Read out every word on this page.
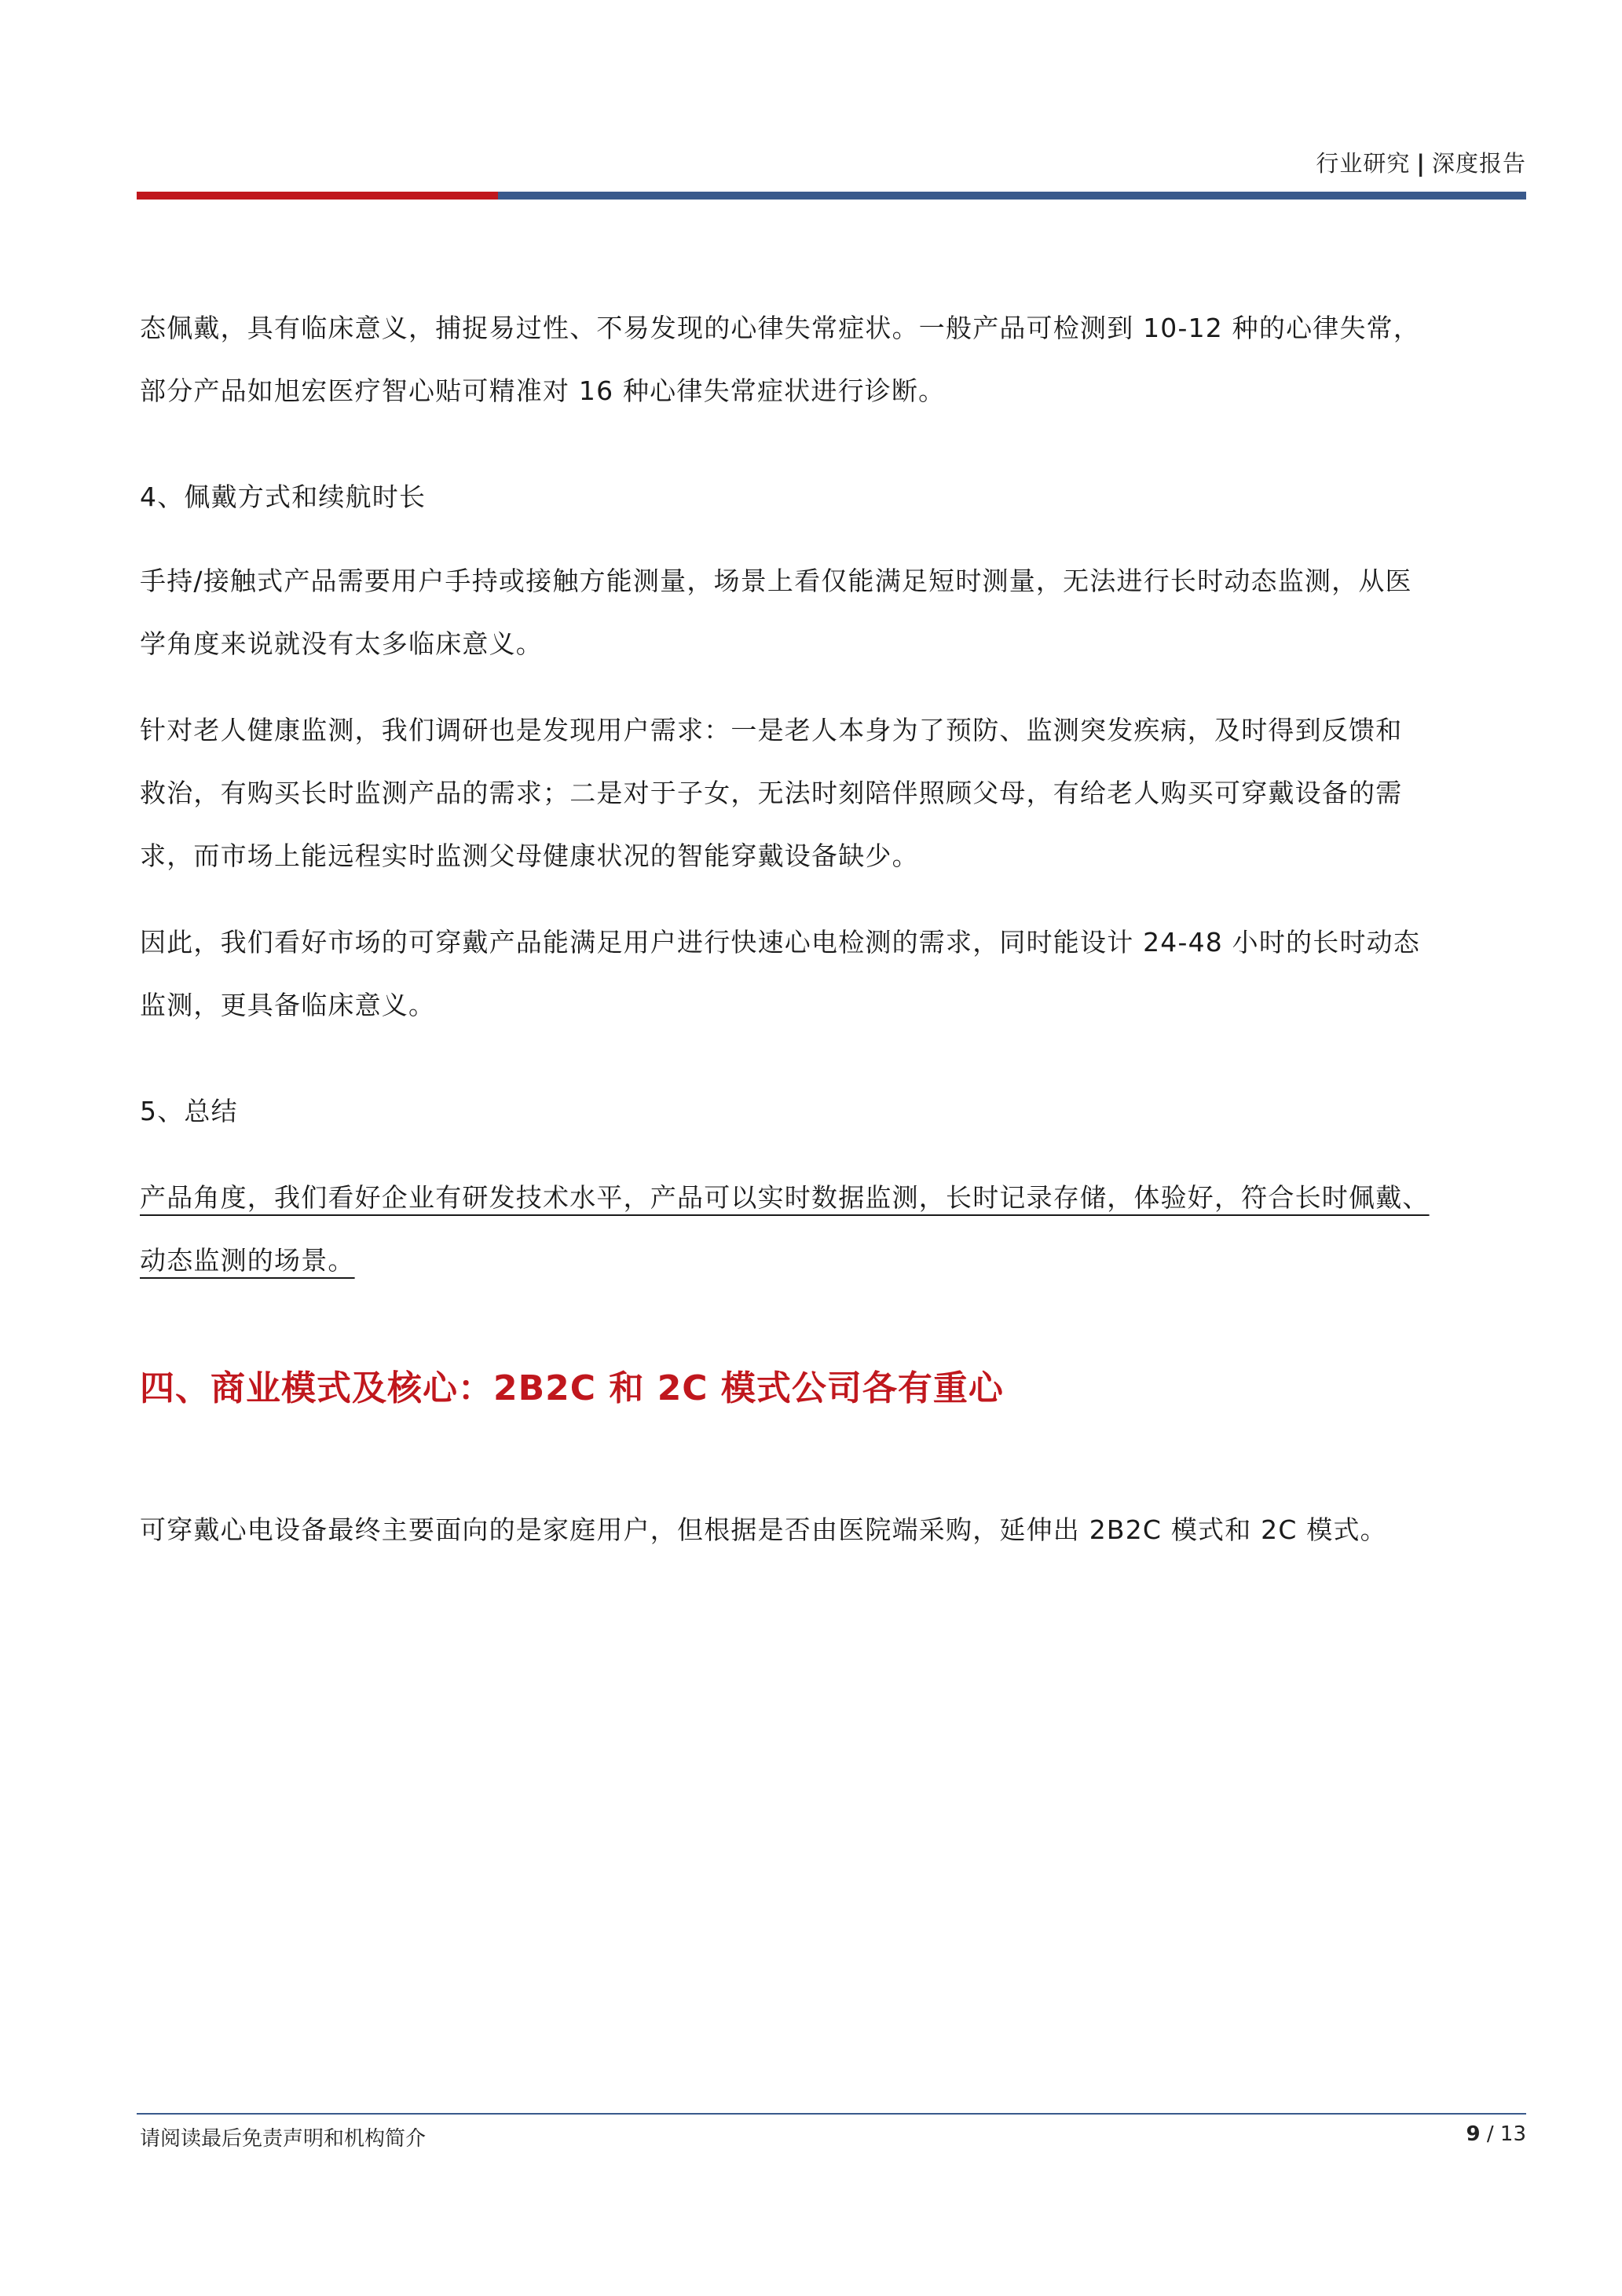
行业研究 | 深度报告

态佩戴，具有临床意义，捕捉易过性、不易发现的心律失常症状。一般产品可检测到 10-12 种的心律失常，

部分产品如旭宏医疗智心贴可精准对 16 种心律失常症状进行诊断。

4、佩戴方式和续航时长

手持/接触式产品需要用户手持或接触方能测量，场景上看仅能满足短时测量，无法进行长时动态监测，从医

学角度来说就没有太多临床意义。

针对老人健康监测，我们调研也是发现用户需求：一是老人本身为了预防、监测突发疾病，及时得到反馈和

救治，有购买长时监测产品的需求；二是对于子女，无法时刻陪伴照顾父母，有给老人购买可穿戴设备的需

求，而市场上能远程实时监测父母健康状况的智能穿戴设备缺少。

因此，我们看好市场的可穿戴产品能满足用户进行快速心电检测的需求，同时能设计 24-48 小时的长时动态

监测，更具备临床意义。

5、总结

产品角度，我们看好企业有研发技术水平，产品可以实时数据监测，长时记录存储，体验好，符合长时佩戴、

动态监测的场景。

四、商业模式及核心：2B2C 和 2C 模式公司各有重心

可穿戴心电设备最终主要面向的是家庭用户，但根据是否由医院端采购，延伸出 2B2C 模式和 2C 模式。

请阅读最后免责声明和机构简介	9 / 13
